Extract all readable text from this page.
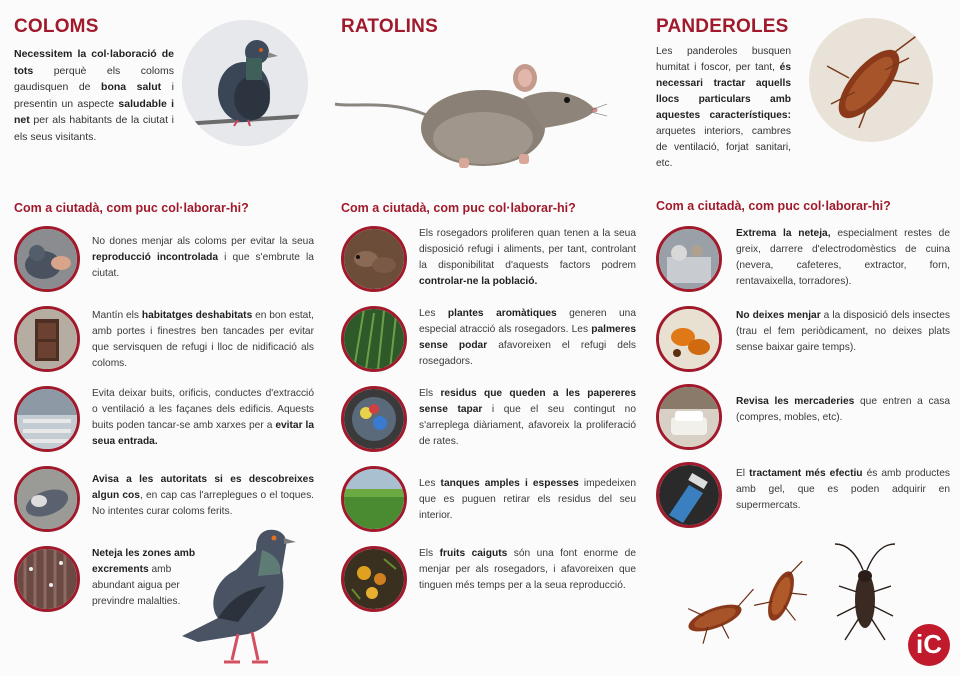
COLOMS

Necessitem la col·laboració de tots perquè els coloms gaudisquen de bona salut i presentin un aspecte saludable i net per als habitants de la ciutat i els seus visitants.

Com a ciutadà, com puc col·laborar-hi?

No dones menjar als coloms per evitar la seua reproducció incontrolada i que s'embrute la ciutat.

Mantín els habitatges deshabitats en bon estat, amb portes i finestres ben tancades per evitar que servisquen de refugi i lloc de nidificació als coloms.

Evita deixar buits, orificis, conductes d'extracció o ventilació a les façanes dels edificis. Aquests buits poden tancar-se amb xarxes per a evitar la seua entrada.

Avisa a les autoritats si es descobreixes algun cos, en cap cas l'arreplegues o el toques. No intentes curar coloms ferits.

Neteja les zones amb excrements amb abundant aigua per previndre malalties.

RATOLINS
Com a ciutadà, com puc col·laborar-hi?

Els rosegadors proliferen quan tenen a la seua disposició refugi i aliments, per tant, controlant la disponibilitat d'aquests factors podrem controlar-ne la població.

Les plantes aromàtiques generen una especial atracció als rosegadors. Les palmeres sense podar afavoreixen el refugi dels rosegadors.

Els residus que queden a les papereres sense tapar i que el seu contingut no s'arreplega diàriament, afavoreix la proliferació de rates.

Les tanques amples i espesses impedeixen que es puguen retirar els residus del seu interior.

Els fruits caiguts són una font enorme de menjar per als rosegadors, i afavoreixen que tinguen més temps per a la seua reproducció.

PANDEROLES

Les panderoles busquen humitat i foscor, per tant, és necessari tractar aquells llocs particulars amb aquestes característiques: arquetes interiors, cambres de ventilació, forjat sanitari, etc.

Com a ciutadà, com puc col·laborar-hi?

Extrema la neteja, especialment restes de greix, darrere d'electrodomèstics de cuina (nevera, cafeteres, extractor, forn, rentavaixella, torradores).

No deixes menjar a la disposició dels insectes (trau el fem periòdicament, no deixes plats sense baixar gaire temps).

Revisa les mercaderies que entren a casa (compres, mobles, etc).

El tractament més efectiu és amb productes amb gel, que es poden adquirir en supermercats.

iC
